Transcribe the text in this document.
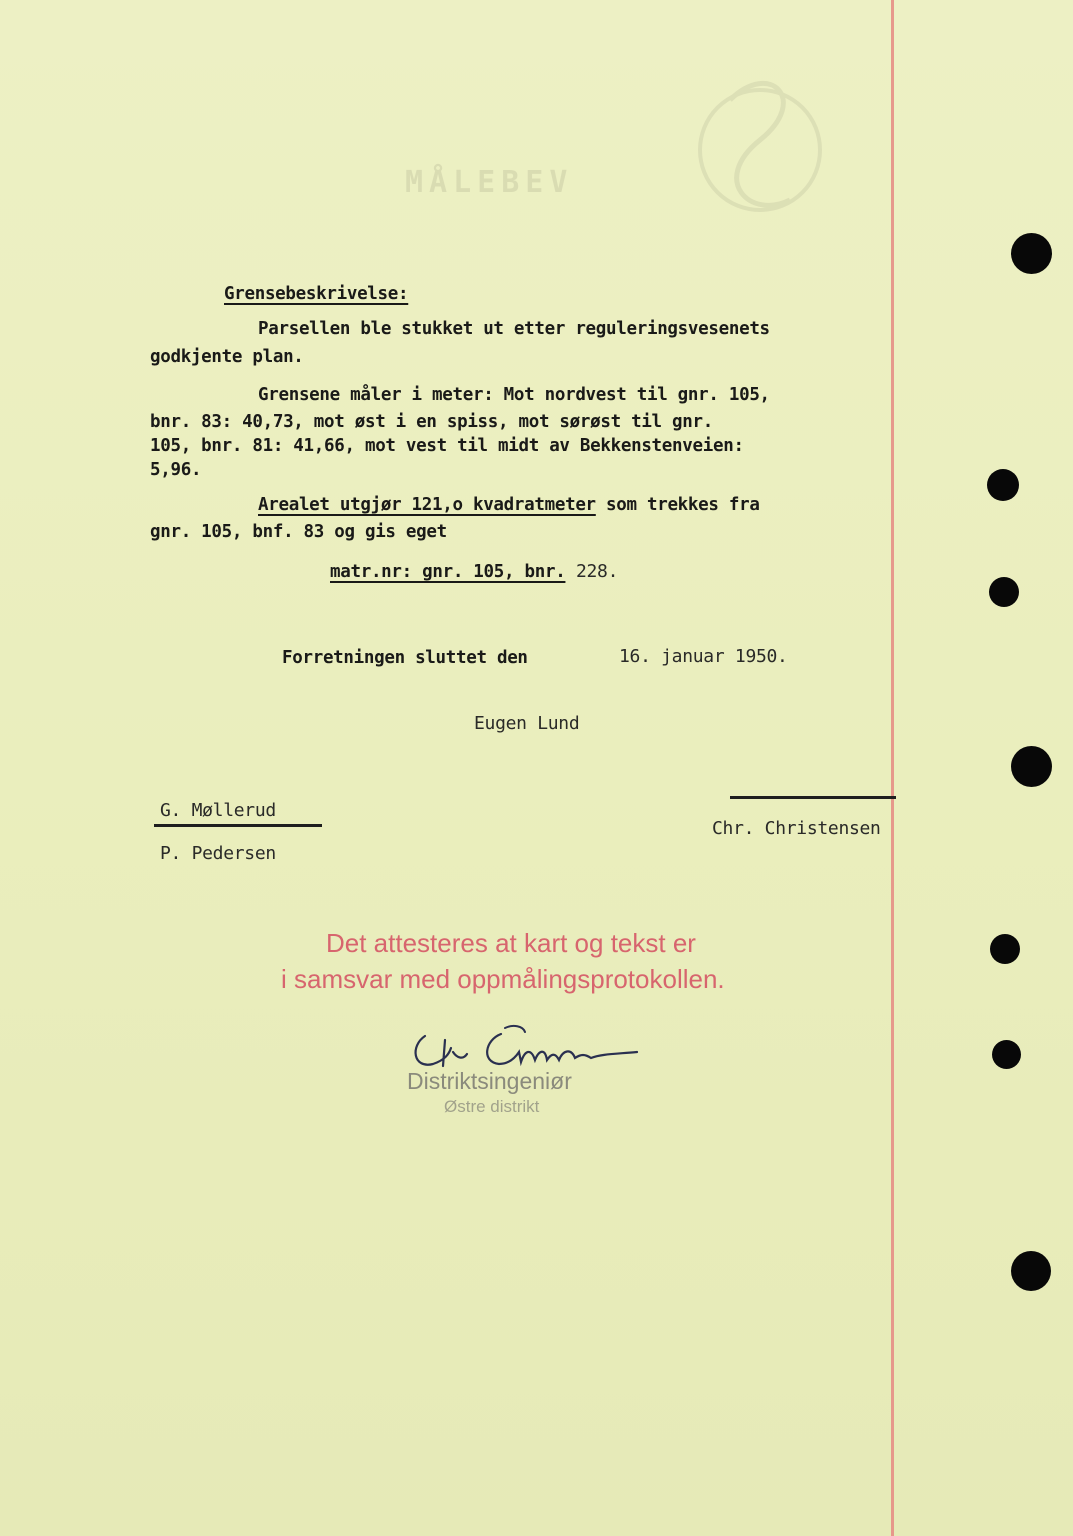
MÅLEBEV
Grensebeskrivelse:
Parsellen ble stukket ut etter reguleringsvesenets
godkjente plan.
Grensene måler i meter: Mot nordvest til gnr. 105,
bnr. 83: 40,73, mot øst i en spiss, mot sørøst til gnr.
105, bnr. 81: 41,66, mot vest til midt av Bekkenstenveien:
5,96.
Arealet utgjør 121,o kvadratmeter som trekkes fra
gnr. 105, bnf. 83 og gis eget
matr.nr: gnr. 105, bnr. 228.
Forretningen sluttet den	16. januar 1950.
Eugen Lund
G. Møllerud
Chr. Christensen
P. Pedersen
Det attesteres at kart og tekst er
i samsvar med oppmålingsprotokollen.
Distriktsingeniør
Østre distrikt
